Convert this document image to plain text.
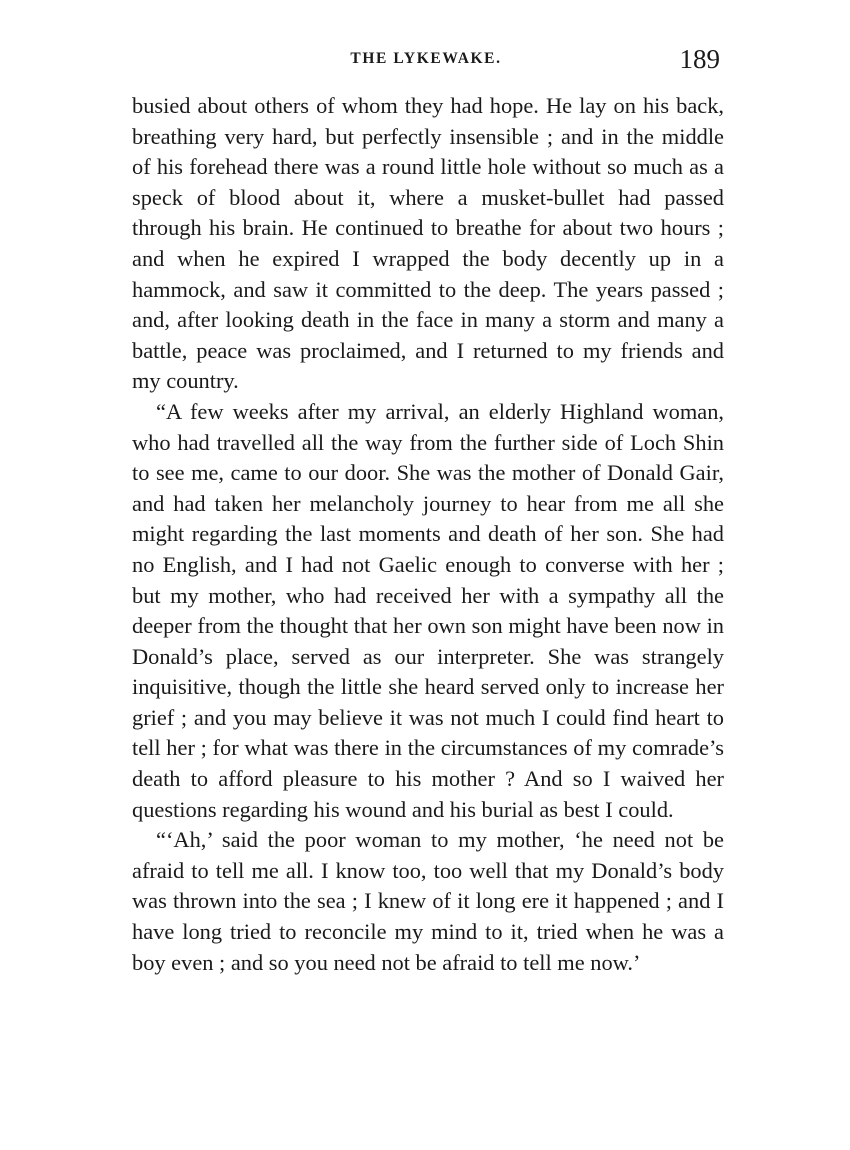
THE LYKEWAKE.	189

busied about others of whom they had hope. He lay on his back, breathing very hard, but perfectly insensible ; and in the middle of his forehead there was a round little hole without so much as a speck of blood about it, where a musket-bullet had passed through his brain. He continued to breathe for about two hours ; and when he expired I wrapped the body decently up in a hammock, and saw it committed to the deep. The years passed ; and, after looking death in the face in many a storm and many a battle, peace was proclaimed, and I returned to my friends and my country.

“A few weeks after my arrival, an elderly Highland woman, who had travelled all the way from the further side of Loch Shin to see me, came to our door. She was the mother of Donald Gair, and had taken her melancholy journey to hear from me all she might regarding the last moments and death of her son. She had no English, and I had not Gaelic enough to converse with her ; but my mother, who had received her with a sympathy all the deeper from the thought that her own son might have been now in Donald’s place, served as our interpreter. She was strangely inquisitive, though the little she heard served only to increase her grief ; and you may believe it was not much I could find heart to tell her ; for what was there in the circumstances of my comrade’s death to afford pleasure to his mother ? And so I waived her questions regarding his wound and his burial as best I could.

“‘Ah,’ said the poor woman to my mother, ‘he need not be afraid to tell me all. I know too, too well that my Donald’s body was thrown into the sea ; I knew of it long ere it happened ; and I have long tried to reconcile my mind to it, tried when he was a boy even ; and so you need not be afraid to tell me now.’
